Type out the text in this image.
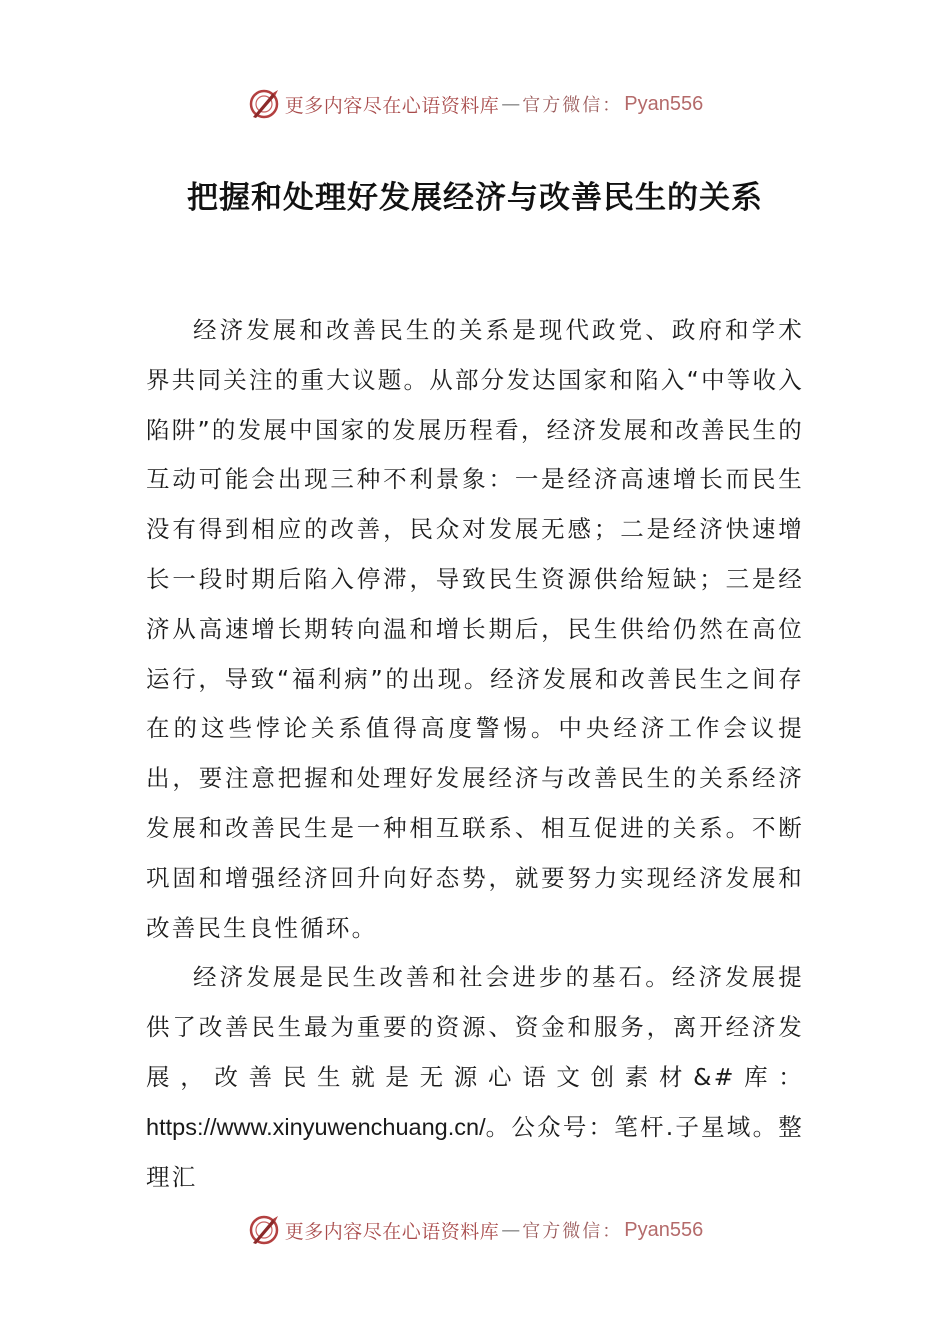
更多内容尽在心语资料库 — 官方微信： Pyan556
把握和处理好发展经济与改善民生的关系

经济发展和改善民生的关系是现代政党、政府和学术界共同关注的重大议题。从部分发达国家和陷入“中等收入陷阱”的发展中国家的发展历程看，经济发展和改善民生的互动可能会出现三种不利景象：一是经济高速增长而民生没有得到相应的改善，民众对发展无感；二是经济快速增长一段时期后陷入停滞，导致民生资源供给短缺；三是经济从高速增长期转向温和增长期后，民生供给仍然在高位运行，导致“福利病”的出现。经济发展和改善民生之间存在的这些悖论关系值得高度警惕。中央经济工作会议提出，要注意把握和处理好发展经济与改善民生的关系经济发展和改善民生是一种相互联系、相互促进的关系。不断巩固和增强经济回升向好态势，就要努力实现经济发展和改善民生良性循环。

经济发展是民生改善和社会进步的基石。经济发展提供了改善民生最为重要的资源、资金和服务，离开经济发展，改善民生就是无源心语文创素材&#库：https://www.xinyuwenchuang.cn/。公众号：笔杆.子星域。整理汇

更多内容尽在心语资料库 — 官方微信： Pyan556
